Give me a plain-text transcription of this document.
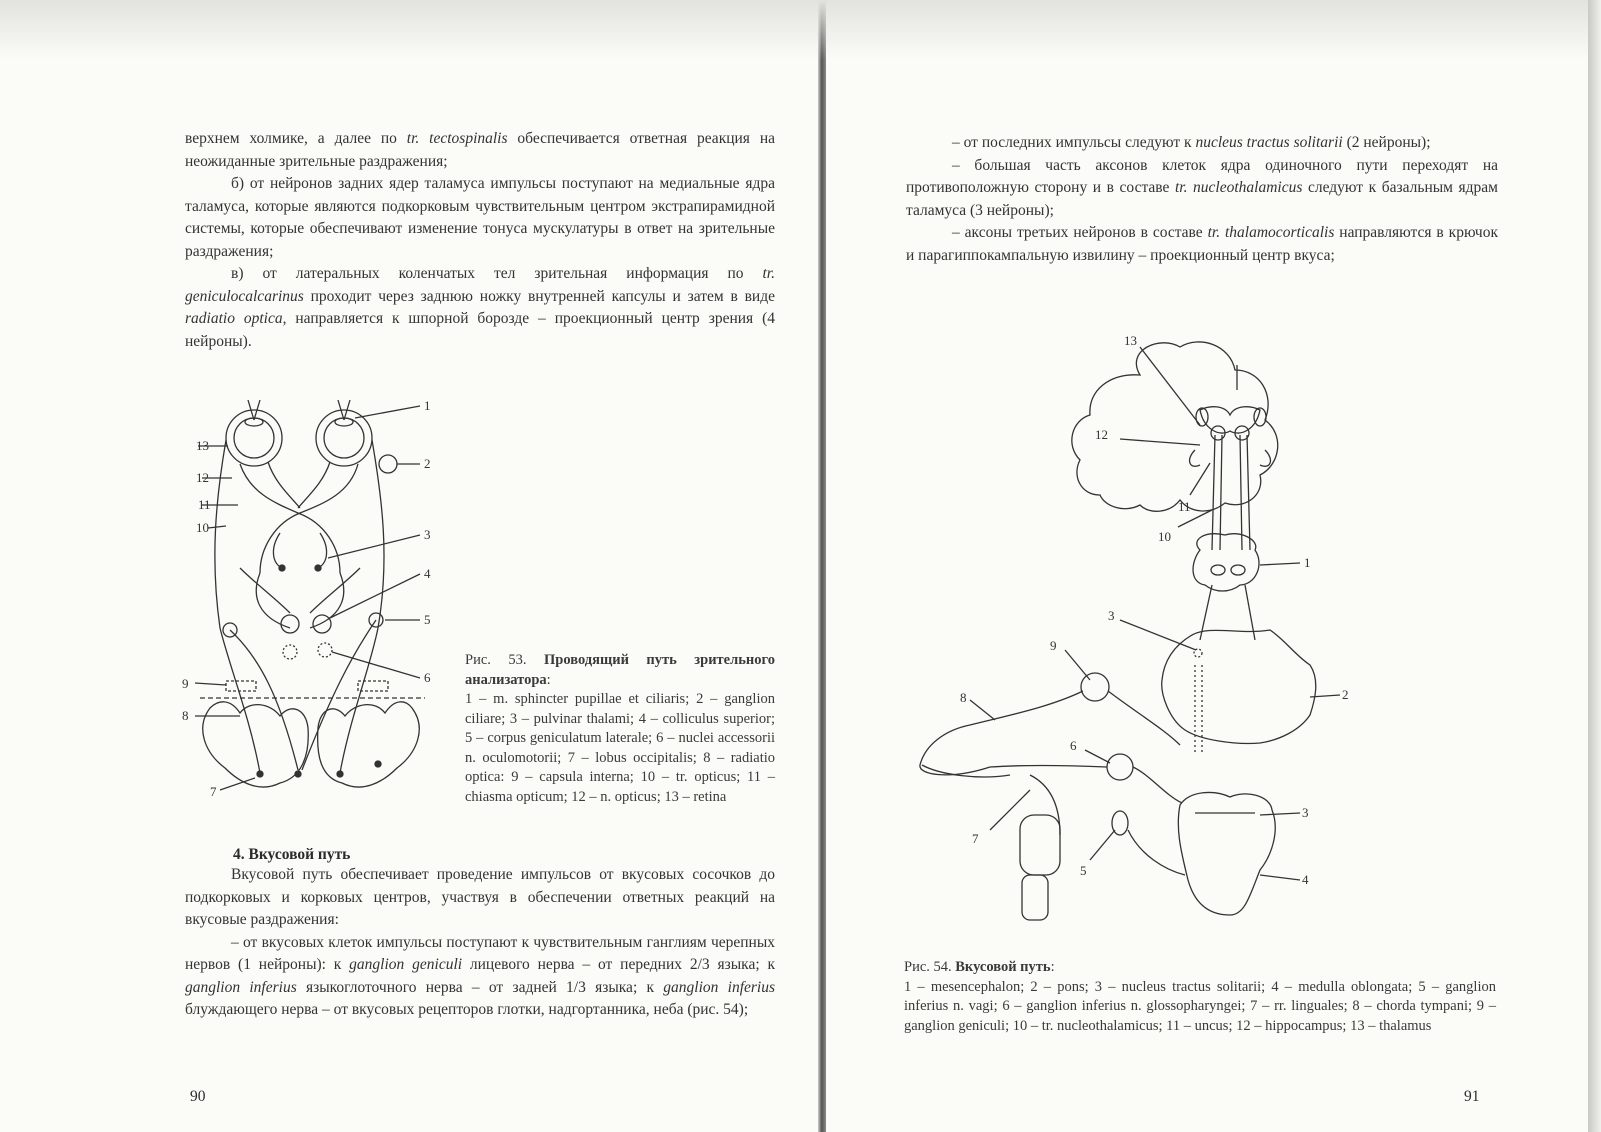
верхнем холмике, а далее по tr. tectospinalis обеспечивается ответная реакция на неожиданные зрительные раздражения;

б) от нейронов задних ядер таламуса импульсы поступают на медиальные ядра таламуса, которые являются подкорковым чувствительным центром экстрапирамидной системы, которые обеспечивают изменение тонуса мускулатуры в ответ на зрительные раздражения;

в) от латеральных коленчатых тел зрительная информация по tr. geniculocalcarinus проходит через заднюю ножку внутренней капсулы и затем в виде radiatio optica, направляется к шпорной борозде – проекционный центр зрения (4 нейроны).

1
2
3
4
5
6
7
8
9
10
11
12
13
Рис. 53. Проводящий путь зрительного анализатора:
1 – m. sphincter pupillae et ciliaris; 2 – ganglion ciliare; 3 – pulvinar thalami; 4 – colliculus superior; 5 – corpus geniculatum laterale; 6 – nuclei accessorii n. oculomotorii; 7 – lobus occipitalis; 8 – radiatio optica: 9 – capsula interna; 10 – tr. opticus; 11 – chiasma opticum; 12 – n. opticus; 13 – retina
4. Вкусовой путь

Вкусовой путь обеспечивает проведение импульсов от вкусовых сосочков до подкорковых и корковых центров, участвуя в обеспечении ответных реакций на вкусовые раздражения:

– от вкусовых клеток импульсы поступают к чувствительным ганглиям черепных нервов (1 нейроны): к ganglion geniculi лицевого нерва – от передних 2/3 языка; к ganglion inferius языкоглоточного нерва – от задней 1/3 языка; к ganglion inferius блуждающего нерва – от вкусовых рецепторов глотки, надгортанника, неба (рис. 54);

90

– от последних импульсы следуют к nucleus tractus solitarii (2 нейроны);

– большая часть аксонов клеток ядра одиночного пути переходят на противоположную сторону и в составе tr. nucleothalamicus следуют к базальным ядрам таламуса (3 нейроны);

– аксоны третьих нейронов в составе tr. thalamocorticalis направляются в крючок и парагиппокампальную извилину – проекционный центр вкуса;

13
12
11
10
1
3
9
2
8
6
3
7
5
4
Рис. 54. Вкусовой путь:
1 – mesencephalon; 2 – pons; 3 – nucleus tractus solitarii; 4 – medulla oblongata; 5 – ganglion inferius n. vagi; 6 – ganglion inferius n. glossopharyngei; 7 – rr. linguales; 8 – chorda tympani; 9 – ganglion geniculi; 10 – tr. nucleothalamicus; 11 – uncus; 12 – hippocampus; 13 – thalamus
91
